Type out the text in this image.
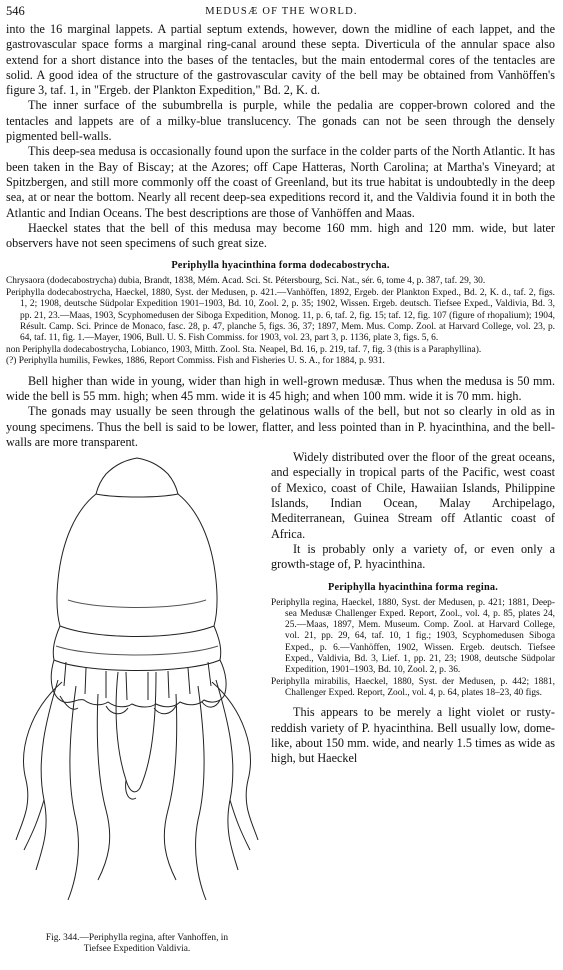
546	MEDUSÆ OF THE WORLD.

into the 16 marginal lappets. A partial septum extends, however, down the midline of each lappet, and the gastrovascular space forms a marginal ring-canal around these septa. Diverticula of the annular space also extend for a short distance into the bases of the tentacles, but the main entodermal cores of the tentacles are solid. A good idea of the structure of the gastrovascular cavity of the bell may be obtained from Vanhöffen's figure 3, taf. 1, in "Ergeb. der Plankton Expedition," Bd. 2, K. d.

The inner surface of the subumbrella is purple, while the pedalia are copper-brown colored and the tentacles and lappets are of a milky-blue translucency. The gonads can not be seen through the densely pigmented bell-walls.

This deep-sea medusa is occasionally found upon the surface in the colder parts of the North Atlantic. It has been taken in the Bay of Biscay; at the Azores; off Cape Hatteras, North Carolina; at Martha's Vineyard; at Spitzbergen, and still more commonly off the coast of Greenland, but its true habitat is undoubtedly in the deep sea, at or near the bottom. Nearly all recent deep-sea expeditions record it, and the Valdivia found it in both the Atlantic and Indian Oceans. The best descriptions are those of Vanhöffen and Maas.

Haeckel states that the bell of this medusa may become 160 mm. high and 120 mm. wide, but later observers have not seen specimens of such great size.

Periphylla hyacinthina forma dodecabostrycha.
Chrysaora (dodecabostrycha) dubia, Brandt, 1838, Mém. Acad. Sci. St. Pétersbourg, Sci. Nat., sér. 6, tome 4, p. 387, taf. 29, 30.
Periphylla dodecabostrycha, Haeckel, 1880, Syst. der Medusen, p. 421.—Vanhöffen, 1892, Ergeb. der Plankton Exped., Bd. 2, K. d., taf. 2, figs. 1, 2; 1908, deutsche Südpolar Expedition 1901–1903, Bd. 10, Zool. 2, p. 35; 1902, Wissen. Ergeb. deutsch. Tiefsee Exped., Valdivia, Bd. 3, pp. 21, 23.—Maas, 1903, Scyphomedusen der Siboga Expedition, Monog. 11, p. 6, taf. 2, fig. 15; taf. 12, fig. 107 (figure of rhopalium); 1904, Résult. Camp. Sci. Prince de Monaco, fasc. 28, p. 47, planche 5, figs. 36, 37; 1897, Mem. Mus. Comp. Zool. at Harvard College, vol. 23, p. 64, taf. 11, fig. 1.—Mayer, 1906, Bull. U. S. Fish Commiss. for 1903, vol. 23, part 3, p. 1136, plate 3, figs. 5, 6.
non Periphylla dodecabostrycha, Lobianco, 1903, Mitth. Zool. Sta. Neapel, Bd. 16, p. 219, taf. 7, fig. 3 (this is a Paraphyllina).
(?) Periphylla humilis, Fewkes, 1886, Report Commiss. Fish and Fisheries U. S. A., for 1884, p. 931.

Bell higher than wide in young, wider than high in well-grown medusæ. Thus when the medusa is 50 mm. wide the bell is 55 mm. high; when 45 mm. wide it is 45 high; and when 100 mm. wide it is 70 mm. high.

The gonads may usually be seen through the gelatinous walls of the bell, but not so clearly in old as in young specimens. Thus the bell is said to be lower, flatter, and less pointed than in P. hyacinthina, and the bell-walls are more transparent.

Fig. 344.—Periphylla regina, after Vanhoffen, in
Tiefsee Expedition Valdivia.

Widely distributed over the floor of the great oceans, and especially in tropical parts of the Pacific, west coast of Mexico, coast of Chile, Hawaiian Islands, Philippine Islands, Indian Ocean, Malay Archipelago, Mediterranean, Guinea Stream off Atlantic coast of Africa.

It is probably only a variety of, or even only a growth-stage of, P. hyacinthina.

Periphylla hyacinthina forma regina.
Periphylla regina, Haeckel, 1880, Syst. der Medusen, p. 421; 1881, Deep-sea Medusæ Challenger Exped. Report, Zool., vol. 4, p. 85, plates 24, 25.—Maas, 1897, Mem. Museum. Comp. Zool. at Harvard College, vol. 21, pp. 29, 64, taf. 10, 1 fig.; 1903, Scyphomedusen Siboga Exped., p. 6.—Vanhöffen, 1902, Wissen. Ergeb. deutsch. Tiefsee Exped., Valdivia, Bd. 3, Lief. 1, pp. 21, 23; 1908, deutsche Südpolar Expedition, 1901–1903, Bd. 10, Zool. 2, p. 36.
Periphylla mirabilis, Haeckel, 1880, Syst. der Medusen, p. 442; 1881, Challenger Exped. Report, Zool., vol. 4, p. 64, plates 18–23, 40 figs.

This appears to be merely a light violet or rusty-reddish variety of P. hyacinthina. Bell usually low, dome-like, about 150 mm. wide, and nearly 1.5 times as wide as high, but Haeckel
